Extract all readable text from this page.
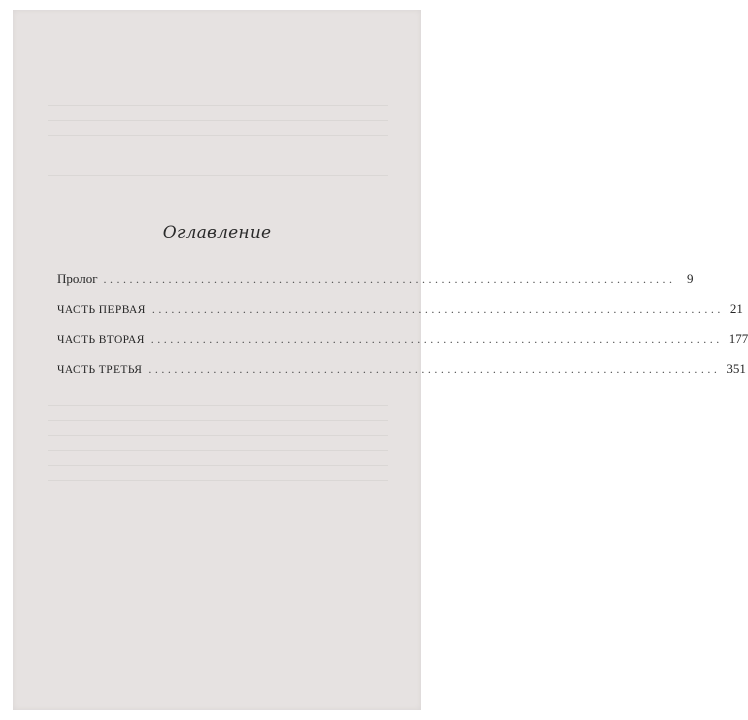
Оглавление
Пролог ........................................................................................ 9
ЧАСТЬ ПЕРВАЯ ........................................................................................ 21
ЧАСТЬ ВТОРАЯ ........................................................................................ 177
ЧАСТЬ ТРЕТЬЯ ........................................................................................ 351
